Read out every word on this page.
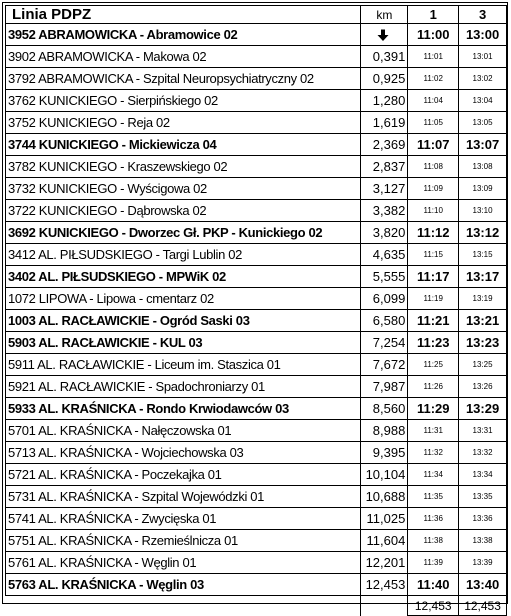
Linia PDPZ	km	1	3
3952 ABRAMOWICKA - Abramowice 02		11:00	13:00
3902 ABRAMOWICKA - Makowa 02	0,391	11:01	13:01
3792 ABRAMOWICKA - Szpital Neuropsychiatryczny 02	0,925	11:02	13:02
3762 KUNICKIEGO - Sierpińskiego 02	1,280	11:04	13:04
3752 KUNICKIEGO - Reja 02	1,619	11:05	13:05
3744 KUNICKIEGO - Mickiewicza 04	2,369	11:07	13:07
3782 KUNICKIEGO - Kraszewskiego 02	2,837	11:08	13:08
3732 KUNICKIEGO - Wyścigowa 02	3,127	11:09	13:09
3722 KUNICKIEGO - Dąbrowska 02	3,382	11:10	13:10
3692 KUNICKIEGO - Dworzec Gł. PKP - Kunickiego 02	3,820	11:12	13:12
3412 AL. PIŁSUDSKIEGO - Targi Lublin 02	4,635	11:15	13:15
3402 AL. PIŁSUDSKIEGO - MPWiK 02	5,555	11:17	13:17
1072 LIPOWA - Lipowa - cmentarz 02	6,099	11:19	13:19
1003 AL. RACŁAWICKIE - Ogród Saski 03	6,580	11:21	13:21
5903 AL. RACŁAWICKIE - KUL 03	7,254	11:23	13:23
5911 AL. RACŁAWICKIE - Liceum im. Staszica 01	7,672	11:25	13:25
5921 AL. RACŁAWICKIE - Spadochroniarzy 01	7,987	11:26	13:26
5933 AL. KRAŚNICKA - Rondo Krwiodawców 03	8,560	11:29	13:29
5701 AL. KRAŚNICKA - Nałęczowska 01	8,988	11:31	13:31
5713 AL. KRAŚNICKA - Wojciechowska 03	9,395	11:32	13:32
5721 AL. KRAŚNICKA - Poczekajka 01	10,104	11:34	13:34
5731 AL. KRAŚNICKA - Szpital Wojewódzki 01	10,688	11:35	13:35
5741 AL. KRAŚNICKA - Zwycięska 01	11,025	11:36	13:36
5751 AL. KRAŚNICKA - Rzemieślnicza 01	11,604	11:38	13:38
5761 AL. KRAŚNICKA - Węglin 01	12,201	11:39	13:39
5763 AL. KRAŚNICKA - Węglin 03	12,453	11:40	13:40
		12,453	12,453
